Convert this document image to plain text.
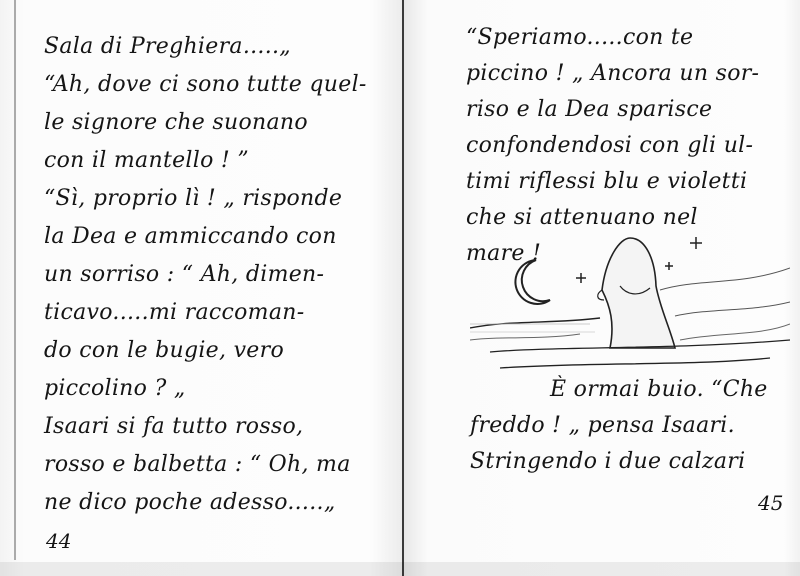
Sala di Preghiera.....„
“Ah, dove ci sono tutte quel-
le signore che suonano
con il mantello ! ”
“Sì, proprio lì ! „ risponde
la Dea e ammiccando con
un sorriso : “ Ah, dimen-
ticavo.....mi raccoman-
do con le bugie, vero
piccolino ? „
Isaari si fa tutto rosso,
rosso e balbetta : “ Oh, ma
ne dico poche adesso.....„
44
“Speriamo.....con te
piccino ! „ Ancora un sor-
riso e la Dea sparisce
confondendosi con gli ul-
timi riflessi blu e violetti
che si attenuano nel
mare !
È ormai buio. “Che
freddo ! „ pensa Isaari.
Stringendo i due calzari
45
